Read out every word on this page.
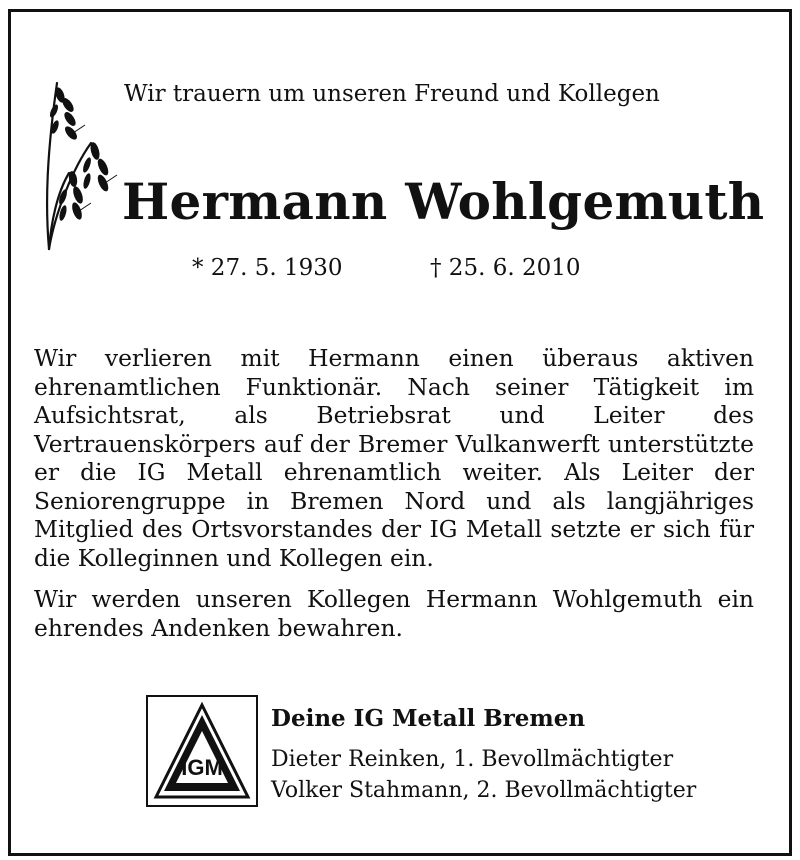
Wir trauern um unseren Freund und Kollegen
Hermann Wohlgemuth
* 27. 5. 1930	† 25. 6. 2010

Wir verlieren mit Hermann einen überaus aktiven ehrenamtlichen Funktionär. Nach seiner Tätigkeit im Aufsichtsrat, als Betriebsrat und Leiter des Vertrauenskörpers auf der Bremer Vulkanwerft unterstützte er die IG Metall ehrenamtlich weiter. Als Leiter der Seniorengruppe in Bremen Nord und als langjähriges Mitglied des Ortsvorstandes der IG Metall setzte er sich für die Kolleginnen und Kollegen ein.

Wir werden unseren Kollegen Hermann Wohlgemuth ein ehrendes Andenken bewahren.

IGM
Deine IG Metall Bremen
Dieter Reinken, 1. Bevollmächtigter
Volker Stahmann, 2. Bevollmächtigter
